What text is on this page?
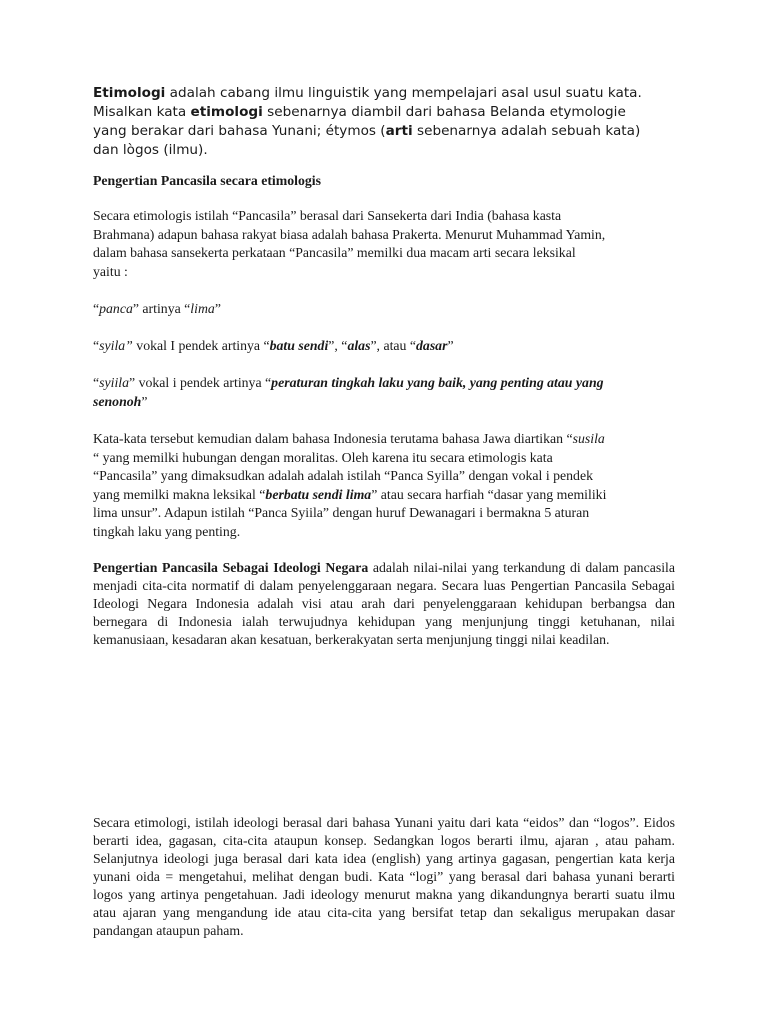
Etimologi adalah cabang ilmu linguistik yang mempelajari asal usul suatu kata.
Misalkan kata etimologi sebenarnya diambil dari bahasa Belanda etymologie
yang berakar dari bahasa Yunani; étymos (arti sebenarnya adalah sebuah kata)
dan lògos (ilmu).

Pengertian Pancasila secara etimologis

Secara etimologis istilah “Pancasila” berasal dari Sansekerta dari India (bahasa kasta
Brahmana) adapun bahasa rakyat biasa adalah bahasa Prakerta. Menurut Muhammad Yamin,
dalam bahasa sansekerta perkataan “Pancasila” memilki dua macam arti secara leksikal
yaitu :

“panca” artinya “lima”

“syila” vokal I pendek artinya “batu sendi”, “alas”, atau “dasar”

“syiila” vokal i pendek artinya “peraturan tingkah laku yang baik, yang penting atau yang
senonoh”

Kata-kata tersebut kemudian dalam bahasa Indonesia terutama bahasa Jawa diartikan “susila
“ yang memilki hubungan dengan moralitas. Oleh karena itu secara etimologis kata
“Pancasila” yang dimaksudkan adalah adalah istilah “Panca Syilla” dengan vokal i pendek
yang memilki makna leksikal “berbatu sendi lima” atau secara harfiah “dasar yang memiliki
lima unsur”. Adapun istilah “Panca Syiila” dengan huruf Dewanagari i bermakna 5 aturan
tingkah laku yang penting.

Pengertian Pancasila Sebagai Ideologi Negara adalah nilai-nilai yang terkandung di dalam pancasila menjadi cita-cita normatif di dalam penyelenggaraan negara. Secara luas Pengertian Pancasila Sebagai Ideologi Negara Indonesia adalah visi atau arah dari penyelenggaraan kehidupan berbangsa dan bernegara di Indonesia ialah terwujudnya kehidupan yang menjunjung tinggi ketuhanan, nilai kemanusiaan, kesadaran akan kesatuan, berkerakyatan serta menjunjung tinggi nilai keadilan.

Secara etimologi, istilah ideologi berasal dari bahasa Yunani yaitu dari kata “eidos” dan “logos”. Eidos berarti idea, gagasan, cita-cita ataupun konsep. Sedangkan logos berarti ilmu, ajaran , atau paham. Selanjutnya ideologi juga berasal dari kata idea (english) yang artinya gagasan, pengertian kata kerja yunani oida = mengetahui, melihat dengan budi. Kata “logi” yang berasal dari bahasa yunani berarti logos yang artinya pengetahuan. Jadi ideology menurut makna yang dikandungnya berarti suatu ilmu atau ajaran yang mengandung ide atau cita-cita yang bersifat tetap dan sekaligus merupakan dasar pandangan ataupun paham.
